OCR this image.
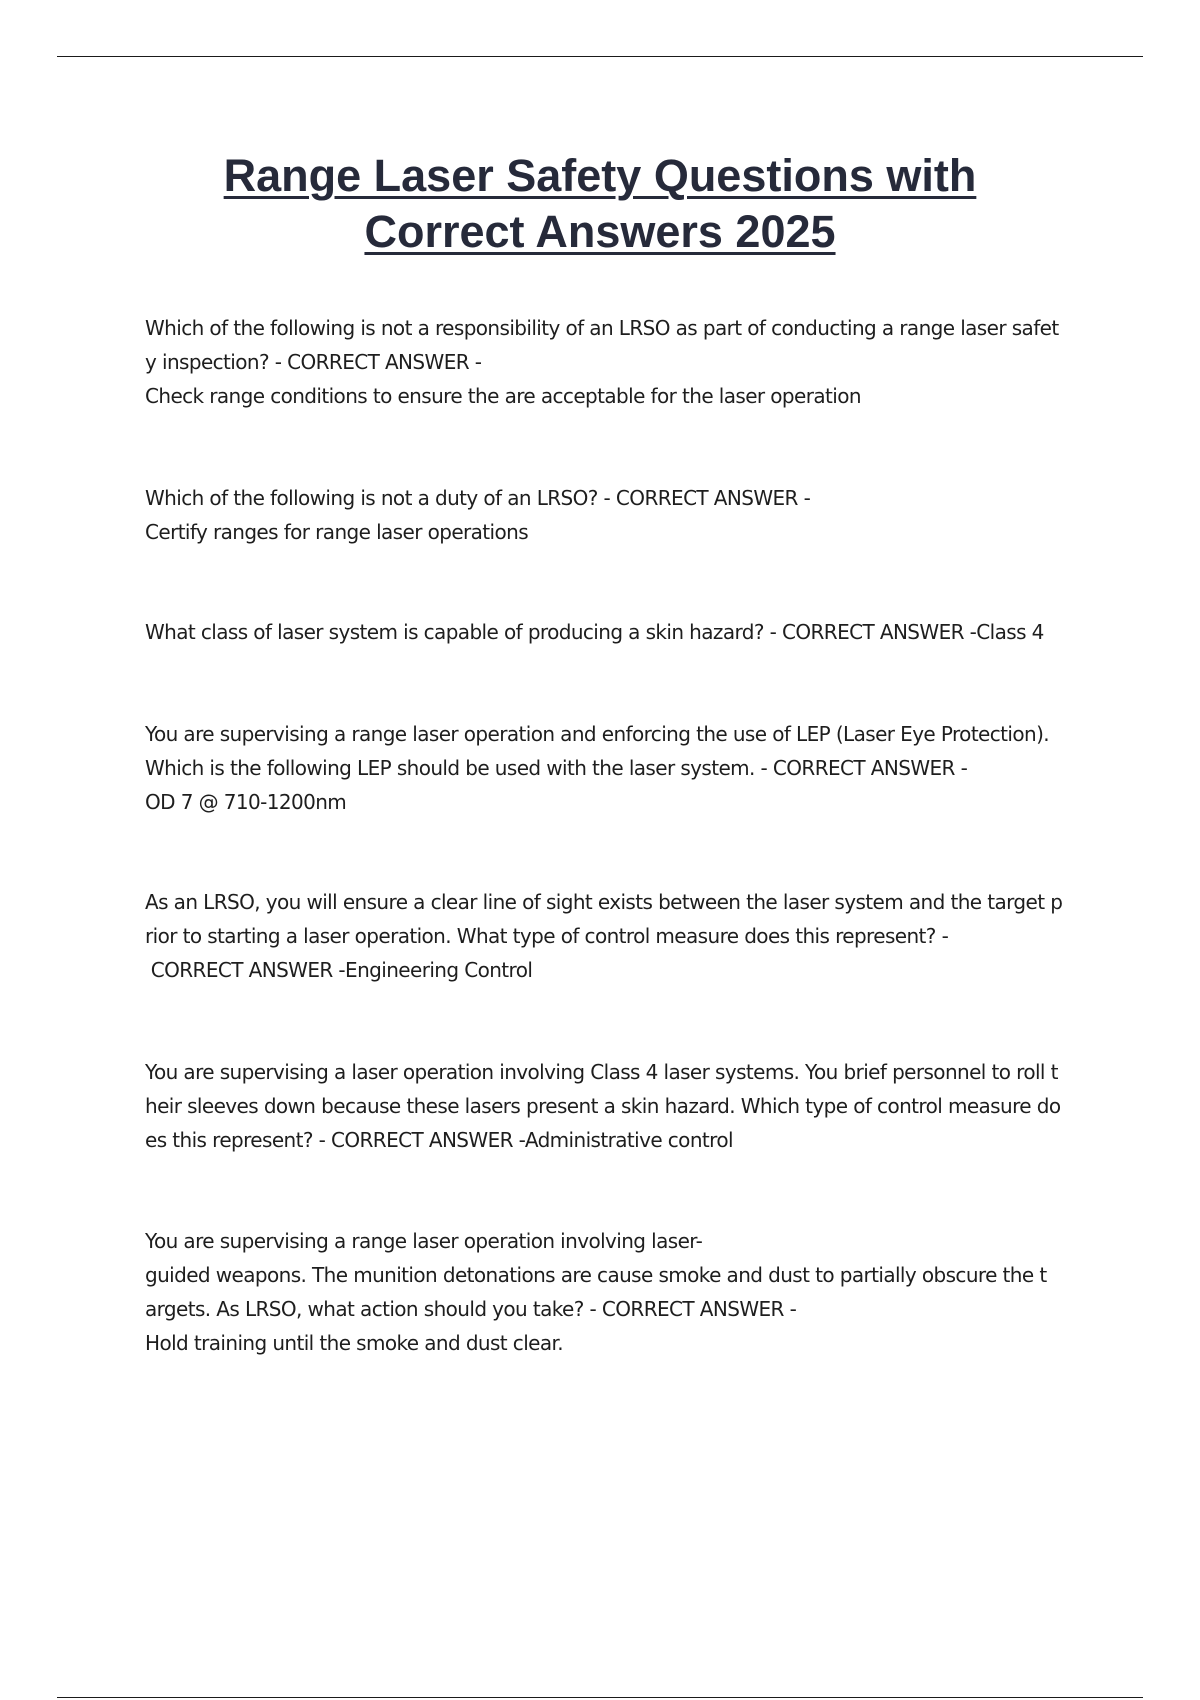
Range Laser Safety Questions with
Correct Answers 2025

Which of the following is not a responsibility of an LRSO as part of conducting a range laser safet
y inspection? - CORRECT ANSWER -
Check range conditions to ensure the are acceptable for the laser operation

Which of the following is not a duty of an LRSO? - CORRECT ANSWER -
Certify ranges for range laser operations

What class of laser system is capable of producing a skin hazard? - CORRECT ANSWER -Class 4

You are supervising a range laser operation and enforcing the use of LEP (Laser Eye Protection).
Which is the following LEP should be used with the laser system. - CORRECT ANSWER -
OD 7 @ 710-1200nm

As an LRSO, you will ensure a clear line of sight exists between the laser system and the target p
rior to starting a laser operation. What type of control measure does this represent? -
CORRECT ANSWER -Engineering Control

You are supervising a laser operation involving Class 4 laser systems. You brief personnel to roll t
heir sleeves down because these lasers present a skin hazard. Which type of control measure do
es this represent? - CORRECT ANSWER -Administrative control

You are supervising a range laser operation involving laser-
guided weapons. The munition detonations are cause smoke and dust to partially obscure the t
argets. As LRSO, what action should you take? - CORRECT ANSWER -
Hold training until the smoke and dust clear.
